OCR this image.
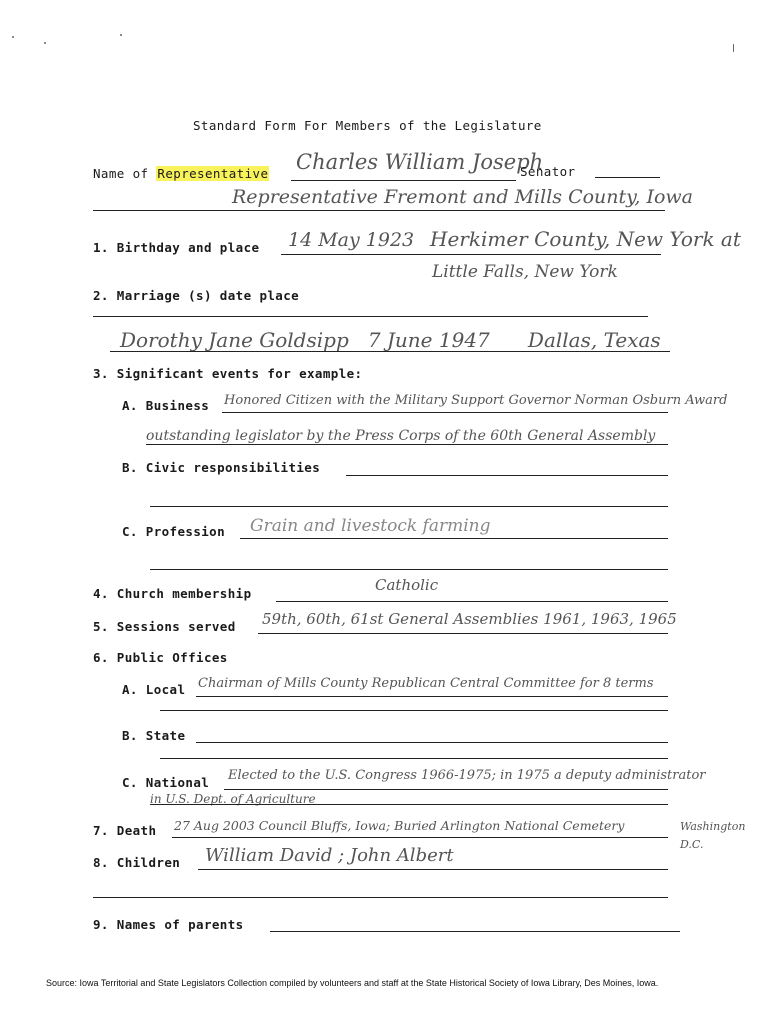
Standard Form For Members of the Legislature
Name of Representative Charles William Joseph
Senator
Representative Fremont and Mills County, Iowa
1. Birthday and place 14 May 1923 Herkimer County, New York at
Little Falls, New York
2. Marriage (s) date place
Dorothy Jane Goldsipp   7 June 1947      Dallas, Texas
3. Significant events for example:
A. Business Honored Citizen with the Military Support Governor Norman Osburn Award
outstanding legislator by the Press Corps of the 60th General Assembly
B. Civic responsibilities
C. Profession Grain and livestock farming
4. Church membership	Catholic
5. Sessions served 59th, 60th, 61st General Assemblies 1961, 1963, 1965
6. Public Offices
A. Local Chairman of Mills County Republican Central Committee for 8 terms
B. State
C. National Elected to the U.S. Congress 1966-1975; in 1975 a deputy administrator
in U.S. Dept. of Agriculture
7. Death 27 Aug 2003 Council Bluffs, Iowa; Buried Arlington National Cemetery	Washington D.C.
8. Children William David ; John Albert
9. Names of parents
Source: Iowa Territorial and State Legislators Collection compiled by volunteers and staff at the State Historical Society of Iowa Library, Des Moines, Iowa.
